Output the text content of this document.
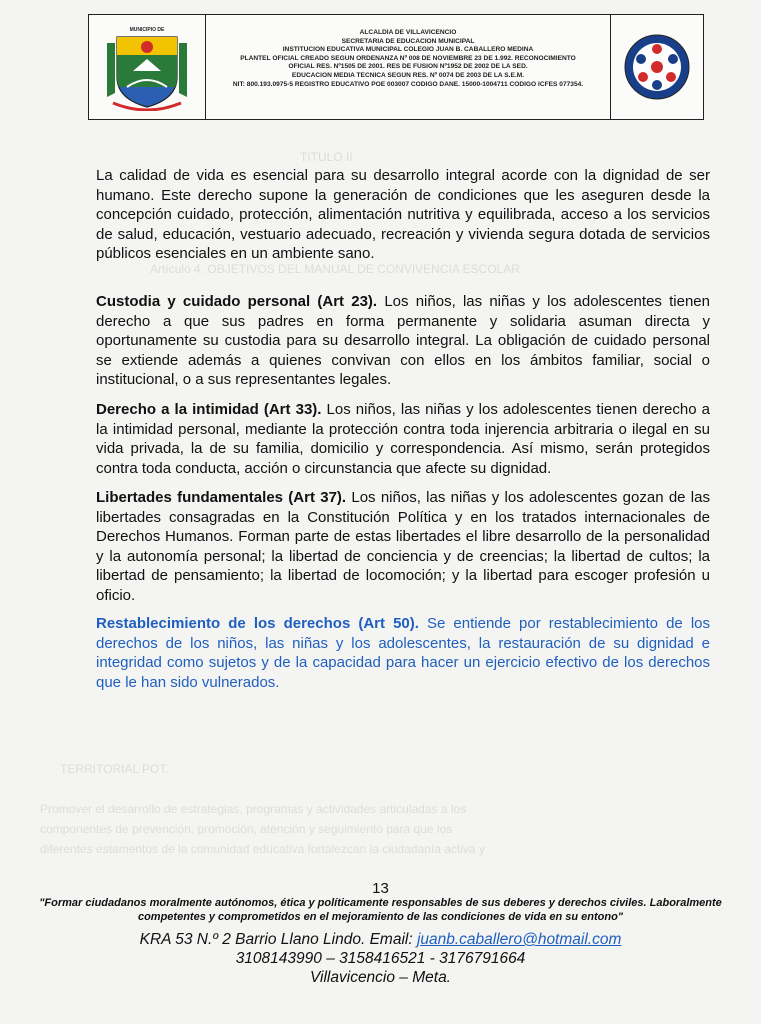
TITULO II
Artículo 4. OBJETIVOS DEL MANUAL DE CONVIVENCIA ESCOLAR
TERRITORIAL POT.
Promover el desarrollo de estrategias, programas y actividades articuladas a los
componentes de prevención, promoción, atención y seguimiento para que los
diferentes estamentos de la comunidad educativa fortalezcan la ciudadanía activa y
MUNICIPIO DE	ALCALDÍA DE VILLAVICENCIO
SECRETARIA DE EDUCACIÓN MUNICIPAL
INSTITUCIÓN EDUCATIVA MUNICIPAL COLEGIO JUAN B. CABALLERO MEDINA
PLANTEL OFICIAL CREADO SEGÚN ORDENANZA Nº 008 DE NOVIEMBRE 23 DE 1.992. RECONOCIMIENTO
OFICIAL RES. Nº1505 DE 2001. RES DE FUSION Nº1952 DE 2002 DE LA SED.
EDUCACION MEDIA TECNICA SEGÚN RES. Nº 0074 DE 2003 DE LA S.E.M.
NIT: 800.193.0975-5 REGISTRO EDUCATIVO POE 003007 CODIGO DANE. 15000-1004711 CODIGO ICFES 077354.
La calidad de vida es esencial para su desarrollo integral acorde con la dignidad de ser humano. Este derecho supone la generación de condiciones que les aseguren desde la concepción cuidado, protección, alimentación nutritiva y equilibrada, acceso a los servicios de salud, educación, vestuario adecuado, recreación y vivienda segura dotada de servicios públicos esenciales en un ambiente sano.
Custodia y cuidado personal (Art 23). Los niños, las niñas y los adolescentes tienen derecho a que sus padres en forma permanente y solidaria asuman directa y oportunamente su custodia para su desarrollo integral. La obligación de cuidado personal se extiende además a quienes convivan con ellos en los ámbitos familiar, social o institucional, o a sus representantes legales.
Derecho a la intimidad (Art 33). Los niños, las niñas y los adolescentes tienen derecho a la intimidad personal, mediante la protección contra toda injerencia arbitraria o ilegal en su vida privada, la de su familia, domicilio y correspondencia. Así mismo, serán protegidos contra toda conducta, acción o circunstancia que afecte su dignidad.
Libertades fundamentales (Art 37). Los niños, las niñas y los adolescentes gozan de las libertades consagradas en la Constitución Política y en los tratados internacionales de Derechos Humanos. Forman parte de estas libertades el libre desarrollo de la personalidad y la autonomía personal; la libertad de conciencia y de creencias; la libertad de cultos; la libertad de pensamiento; la libertad de locomoción; y la libertad para escoger profesión u oficio.
Restablecimiento de los derechos (Art 50). Se entiende por restablecimiento de los derechos de los niños, las niñas y los adolescentes, la restauración de su dignidad e integridad como sujetos y de la capacidad para hacer un ejercicio efectivo de los derechos que le han sido vulnerados.
13
"Formar ciudadanos moralmente autónomos, ética y políticamente responsables de sus deberes y derechos civiles. Laboralmente
competentes y comprometidos en el mejoramiento de las condiciones de vida en su entono"
KRA 53 N.º 2 Barrio Llano Lindo. Email: juanb.caballero@hotmail.com
3108143990 – 3158416521 - 3176791664
Villavicencio – Meta.
